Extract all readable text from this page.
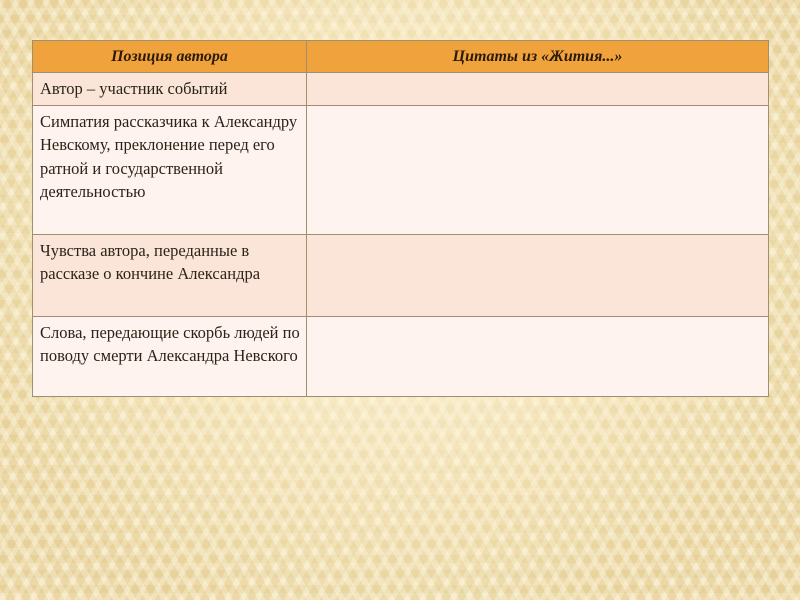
Позиция автора	Цитаты из «Жития...»
Автор – участник событий	
Симпатия рассказчика к Александру Невскому, преклонение перед его ратной и государственной деятельностью	
Чувства автора, переданные в рассказе о кончине Александра	
Слова, передающие скорбь людей по поводу смерти Александра Невского	
